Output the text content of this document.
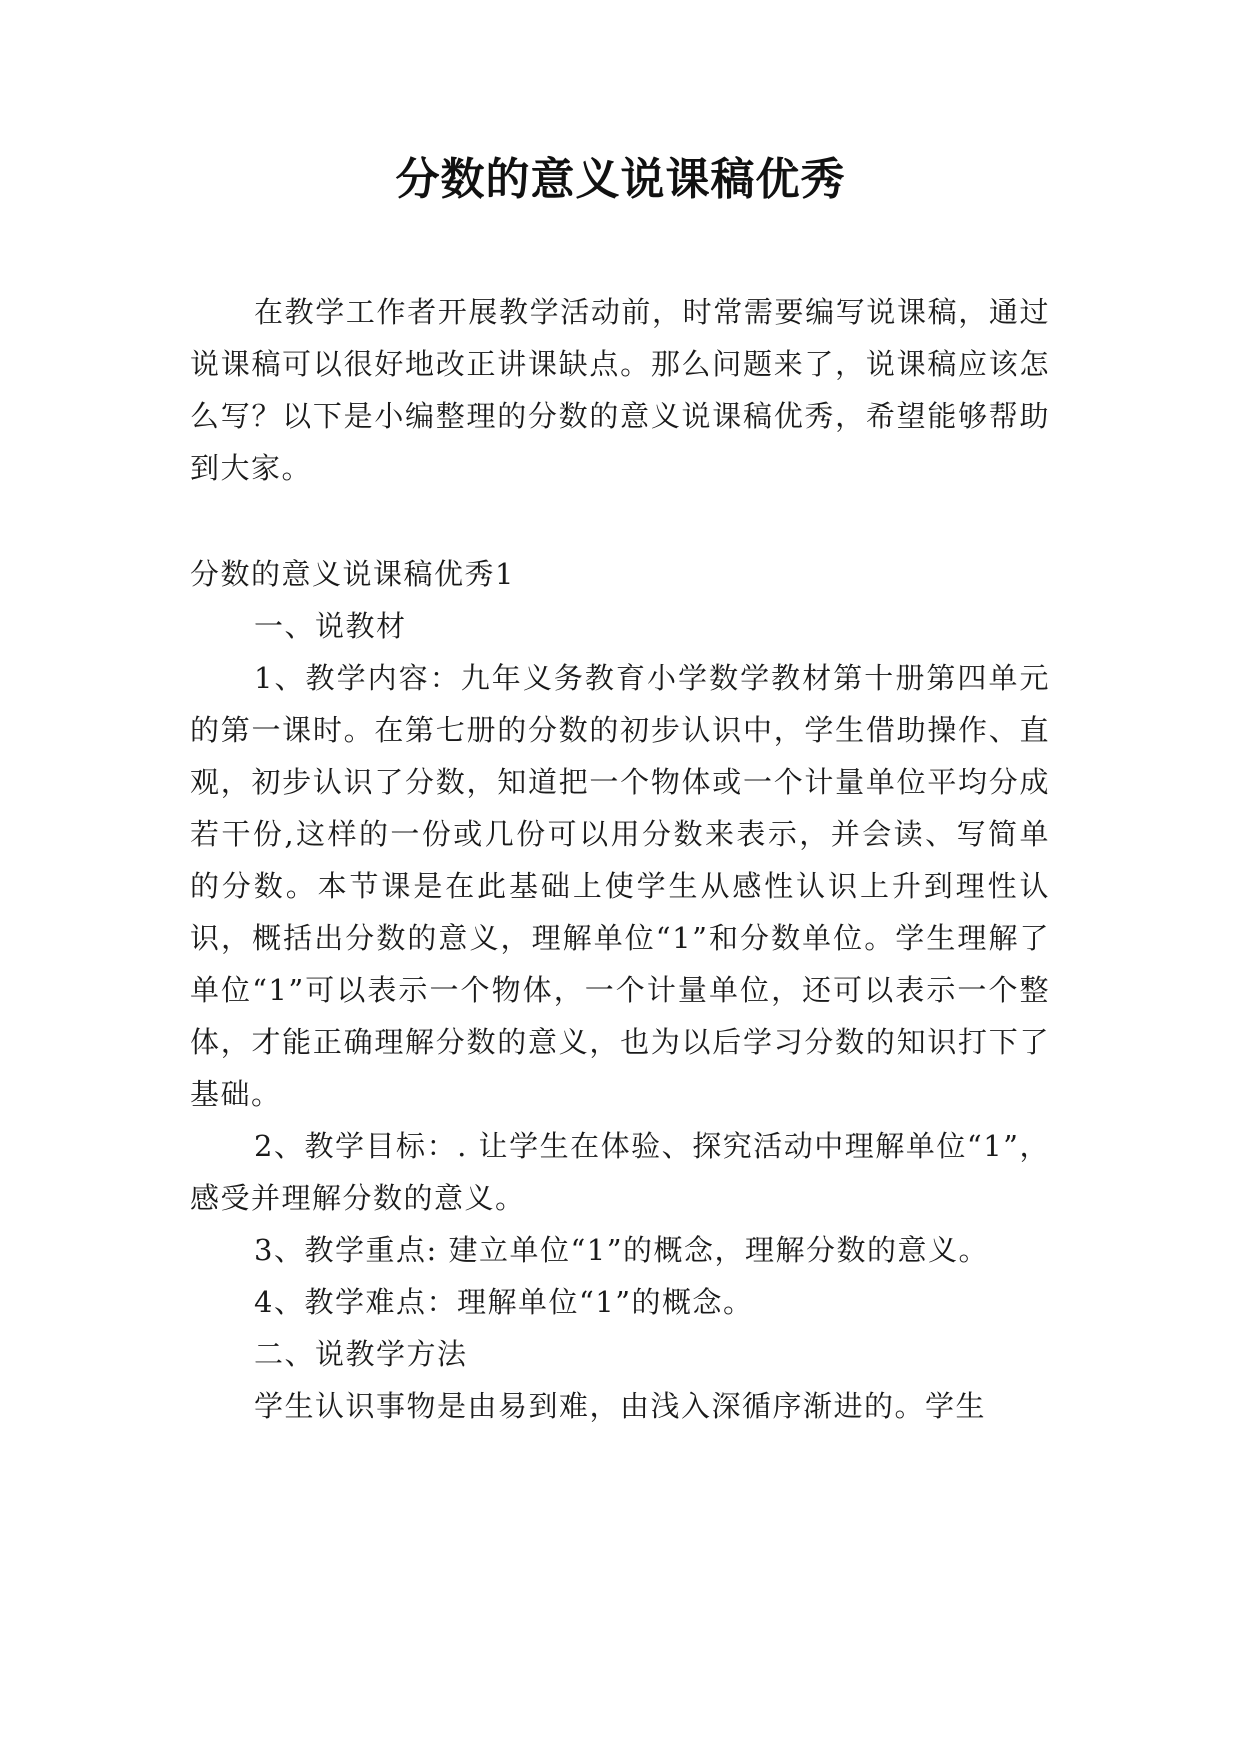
分数的意义说课稿优秀

在教学工作者开展教学活动前，时常需要编写说课稿，通过说课稿可以很好地改正讲课缺点。那么问题来了，说课稿应该怎么写？以下是小编整理的分数的意义说课稿优秀，希望能够帮助到大家。

分数的意义说课稿优秀1

一、说教材

1、教学内容：九年义务教育小学数学教材第十册第四单元的第一课时。在第七册的分数的初步认识中，学生借助操作、直观，初步认识了分数，知道把一个物体或一个计量单位平均分成若干份,这样的一份或几份可以用分数来表示，并会读、写简单的分数。本节课是在此基础上使学生从感性认识上升到理性认识，概括出分数的意义，理解单位“1”和分数单位。学生理解了单位“1”可以表示一个物体，一个计量单位，还可以表示一个整体，才能正确理解分数的意义，也为以后学习分数的知识打下了基础。

2、教学目标：. 让学生在体验、探究活动中理解单位“1”，感受并理解分数的意义。

3、教学重点: 建立单位“1”的概念，理解分数的意义。

4、教学难点：理解单位“1”的概念。

二、说教学方法

学生认识事物是由易到难，由浅入深循序渐进的。学生
